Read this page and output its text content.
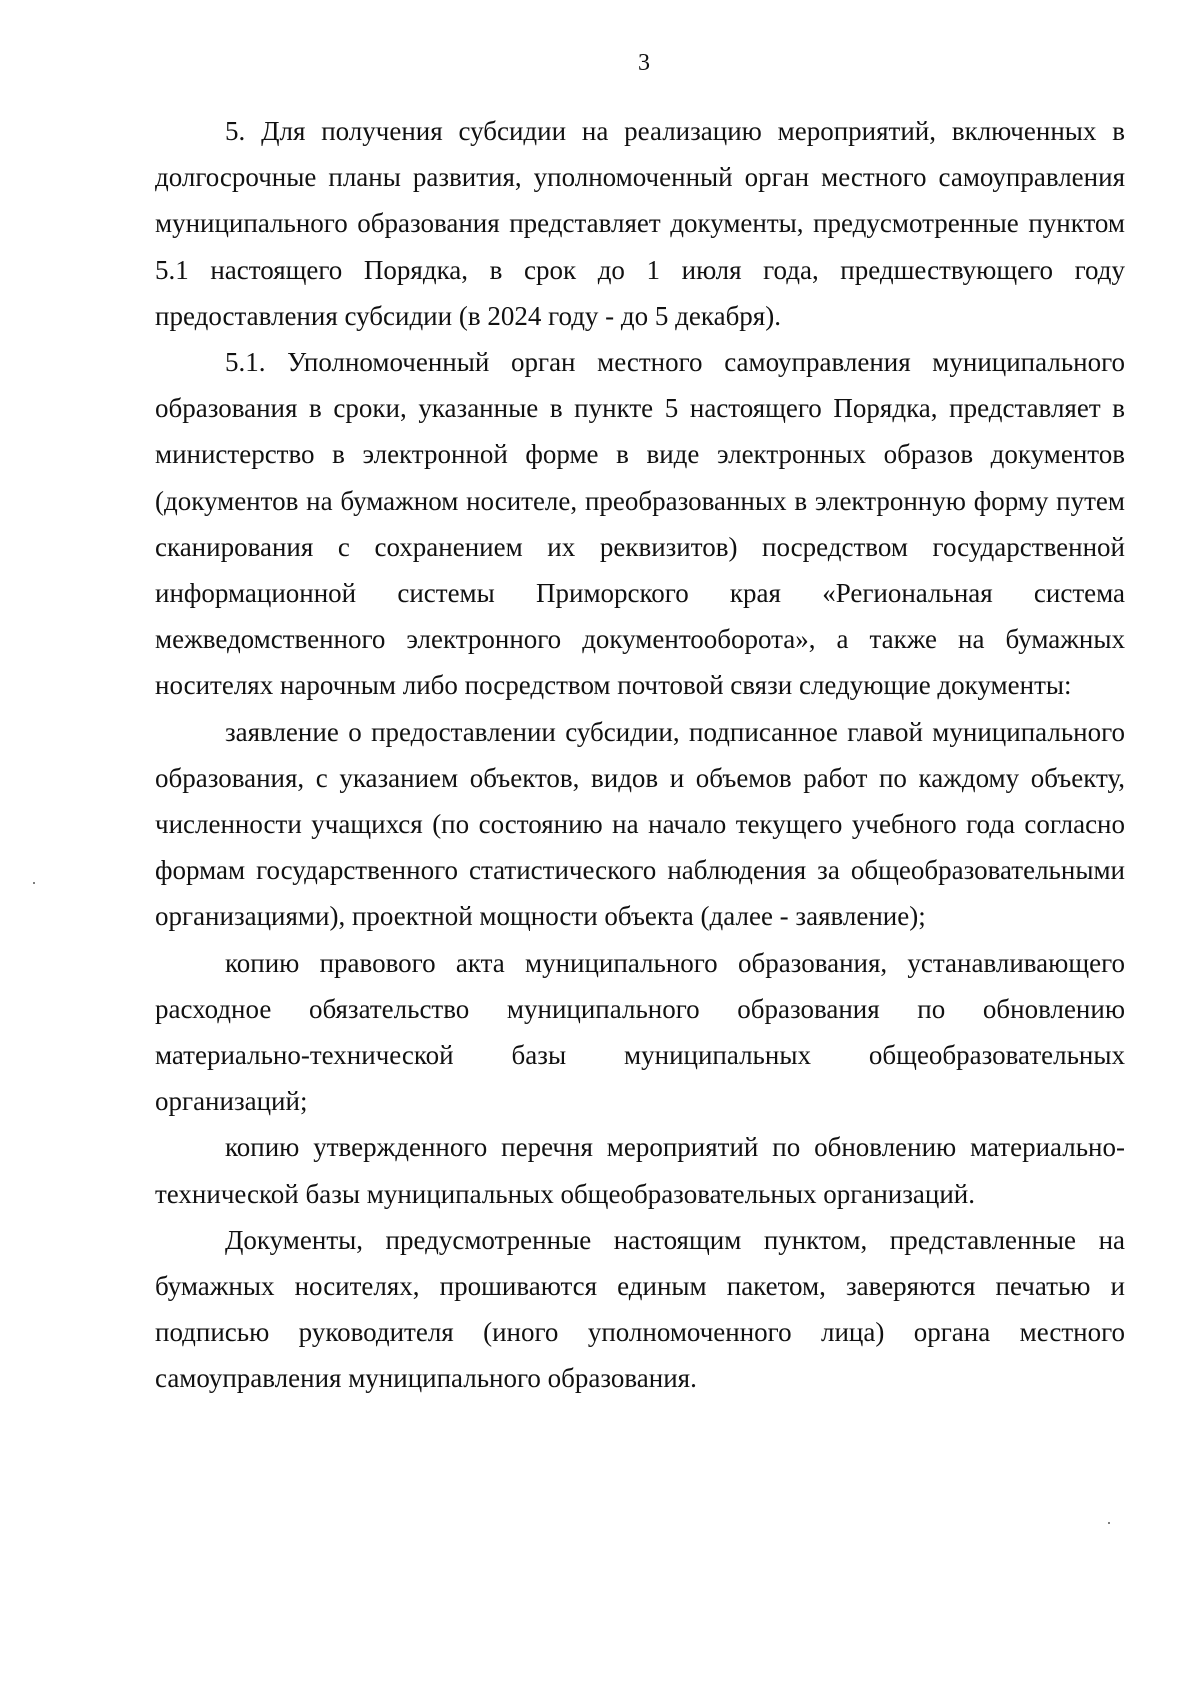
3

5. Для получения субсидии на реализацию мероприятий, включенных в долгосрочные планы развития, уполномоченный орган местного самоуправления муниципального образования представляет документы, предусмотренные пунктом 5.1 настоящего Порядка, в срок до 1 июля года, предшествующего году предоставления субсидии (в 2024 году - до 5 декабря).

5.1. Уполномоченный орган местного самоуправления муниципального образования в сроки, указанные в пункте 5 настоящего Порядка, представляет в министерство в электронной форме в виде электронных образов документов (документов на бумажном носителе, преобразованных в электронную форму путем сканирования с сохранением их реквизитов) посредством государственной информационной системы Приморского края «Региональная система межведомственного электронного документооборота», а также на бумажных носителях нарочным либо посредством почтовой связи следующие документы:

заявление о предоставлении субсидии, подписанное главой муниципального образования, с указанием объектов, видов и объемов работ по каждому объекту, численности учащихся (по состоянию на начало текущего учебного года согласно формам государственного статистического наблюдения за общеобразовательными организациями), проектной мощности объекта (далее - заявление);

копию правового акта муниципального образования, устанавливающего расходное обязательство муниципального образования по обновлению материально-технической базы муниципальных общеобразовательных организаций;

копию утвержденного перечня мероприятий по обновлению материально-технической базы муниципальных общеобразовательных организаций.

Документы, предусмотренные настоящим пунктом, представленные на бумажных носителях, прошиваются единым пакетом, заверяются печатью и подписью руководителя (иного уполномоченного лица) органа местного самоуправления муниципального образования.
